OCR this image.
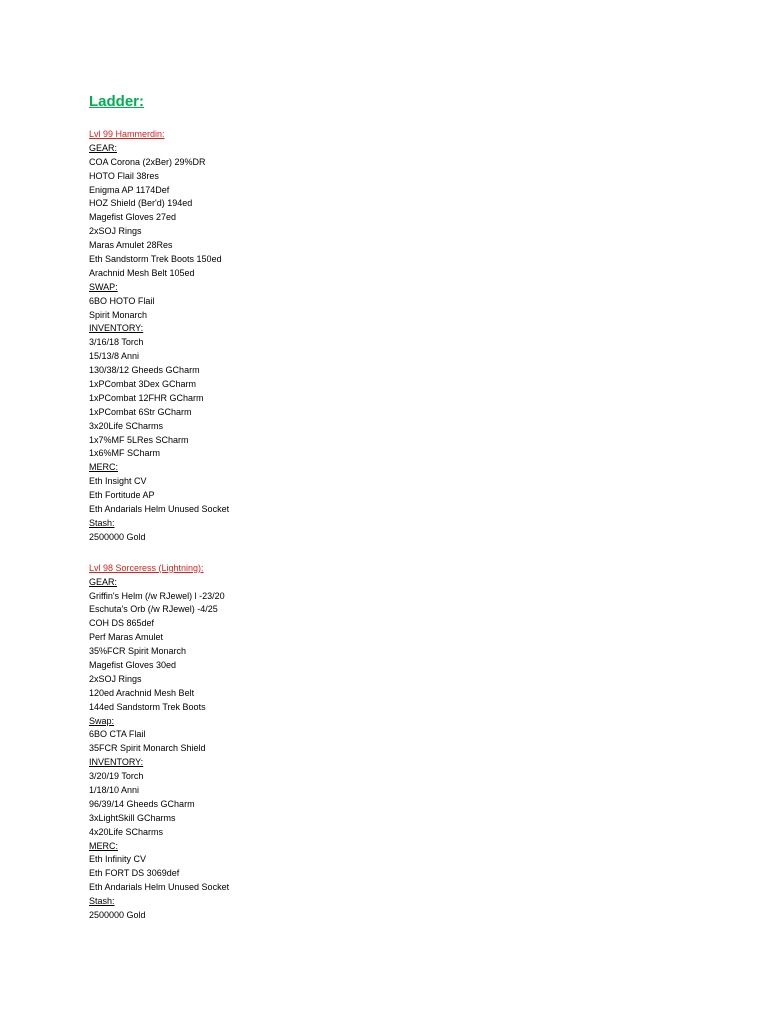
Ladder:
Lvl 99 Hammerdin:
GEAR:
COA Corona (2xBer) 29%DR
HOTO Flail 38res
Enigma AP 1174Def
HOZ Shield (Ber'd) 194ed
Magefist Gloves 27ed
2xSOJ Rings
Maras Amulet 28Res
Eth Sandstorm Trek Boots 150ed
Arachnid Mesh Belt 105ed
SWAP:
6BO HOTO Flail
Spirit Monarch
INVENTORY:
3/16/18 Torch
15/13/8 Anni
130/38/12 Gheeds GCharm
1xPCombat 3Dex GCharm
1xPCombat 12FHR GCharm
1xPCombat 6Str GCharm
3x20Life SCharms
1x7%MF 5LRes SCharm
1x6%MF SCharm
MERC:
Eth Insight CV
Eth Fortitude AP
Eth Andarials Helm Unused Socket
Stash:
2500000 Gold
Lvl 98 Sorceress (Lightning):
GEAR:
Griffin's Helm (/w RJewel) l -23/20
Eschuta's Orb (/w RJewel) -4/25
COH DS 865def
Perf Maras Amulet
35%FCR Spirit Monarch
Magefist Gloves 30ed
2xSOJ Rings
120ed Arachnid Mesh Belt
144ed Sandstorm Trek Boots
Swap:
6BO CTA Flail
35FCR Spirit Monarch Shield
INVENTORY:
3/20/19 Torch
1/18/10 Anni
96/39/14 Gheeds GCharm
3xLightSkill GCharms
4x20Life SCharms
MERC:
Eth Infinity CV
Eth FORT DS 3069def
Eth Andarials Helm Unused Socket
Stash:
2500000 Gold
